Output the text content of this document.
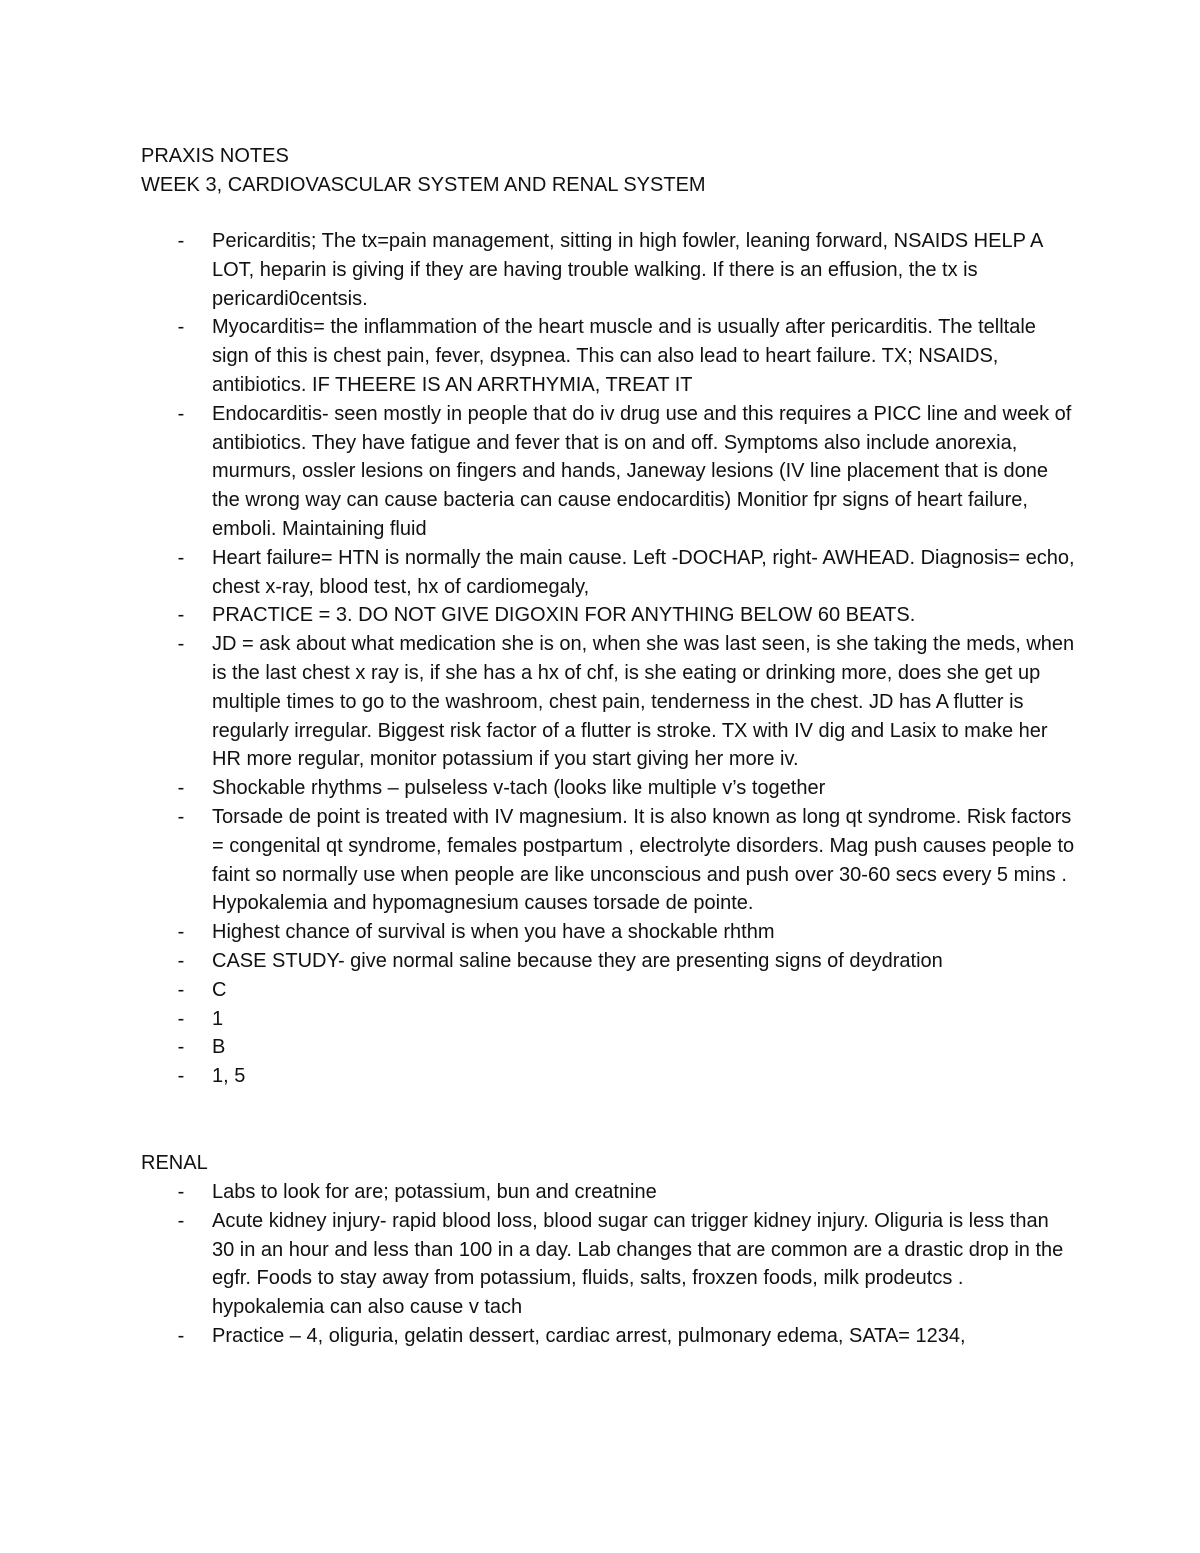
PRAXIS NOTES

WEEK 3, CARDIOVASCULAR SYSTEM AND RENAL SYSTEM

- Pericarditis; The tx=pain management, sitting in high fowler, leaning forward, NSAIDS HELP A LOT, heparin is giving if they are having trouble walking. If there is an effusion, the tx is pericardi0centsis.
- Myocarditis= the inflammation of the heart muscle and is usually after pericarditis. The telltale sign of this is chest pain, fever, dsypnea. This can also lead to heart failure. TX; NSAIDS, antibiotics. IF THEERE IS AN ARRTHYMIA, TREAT IT
- Endocarditis- seen mostly in people that do iv drug use and this requires a PICC line and week of antibiotics. They have fatigue and fever that is on and off. Symptoms also include anorexia, murmurs, ossler lesions on fingers and hands, Janeway lesions (IV line placement that is done the wrong way can cause bacteria can cause endocarditis) Monitior fpr signs of heart failure, emboli. Maintaining fluid
- Heart failure= HTN is normally the main cause. Left -DOCHAP, right- AWHEAD. Diagnosis= echo, chest x-ray, blood test, hx of cardiomegaly,
- PRACTICE = 3. DO NOT GIVE DIGOXIN FOR ANYTHING BELOW 60 BEATS.
- JD = ask about what medication she is on, when she was last seen, is she taking the meds, when is the last chest x ray is, if she has a hx of chf, is she eating or drinking more, does she get up multiple times to go to the washroom, chest pain, tenderness in the chest. JD has A flutter is regularly irregular. Biggest risk factor of a flutter is stroke. TX with IV dig and Lasix to make her HR more regular, monitor potassium if you start giving her more iv.
- Shockable rhythms – pulseless v-tach (looks like multiple v’s together
- Torsade de point is treated with IV magnesium. It is also known as long qt syndrome. Risk factors = congenital qt syndrome, females postpartum , electrolyte disorders. Mag push causes people to faint so normally use when people are like unconscious and push over 30-60 secs every 5 mins . Hypokalemia and hypomagnesium causes torsade de pointe.
- Highest chance of survival is when you have a shockable rhthm
- CASE STUDY- give normal saline because they are presenting signs of deydration
- C
- 1
- B
- 1, 5

RENAL

- Labs to look for are; potassium, bun and creatnine
- Acute kidney injury- rapid blood loss, blood sugar can trigger kidney injury. Oliguria is less than 30 in an hour and less than 100 in a day. Lab changes that are common are a drastic drop in the egfr. Foods to stay away from potassium, fluids, salts, froxzen foods, milk prodeutcs . hypokalemia can also cause v tach
- Practice – 4, oliguria, gelatin dessert, cardiac arrest, pulmonary edema, SATA= 1234,
